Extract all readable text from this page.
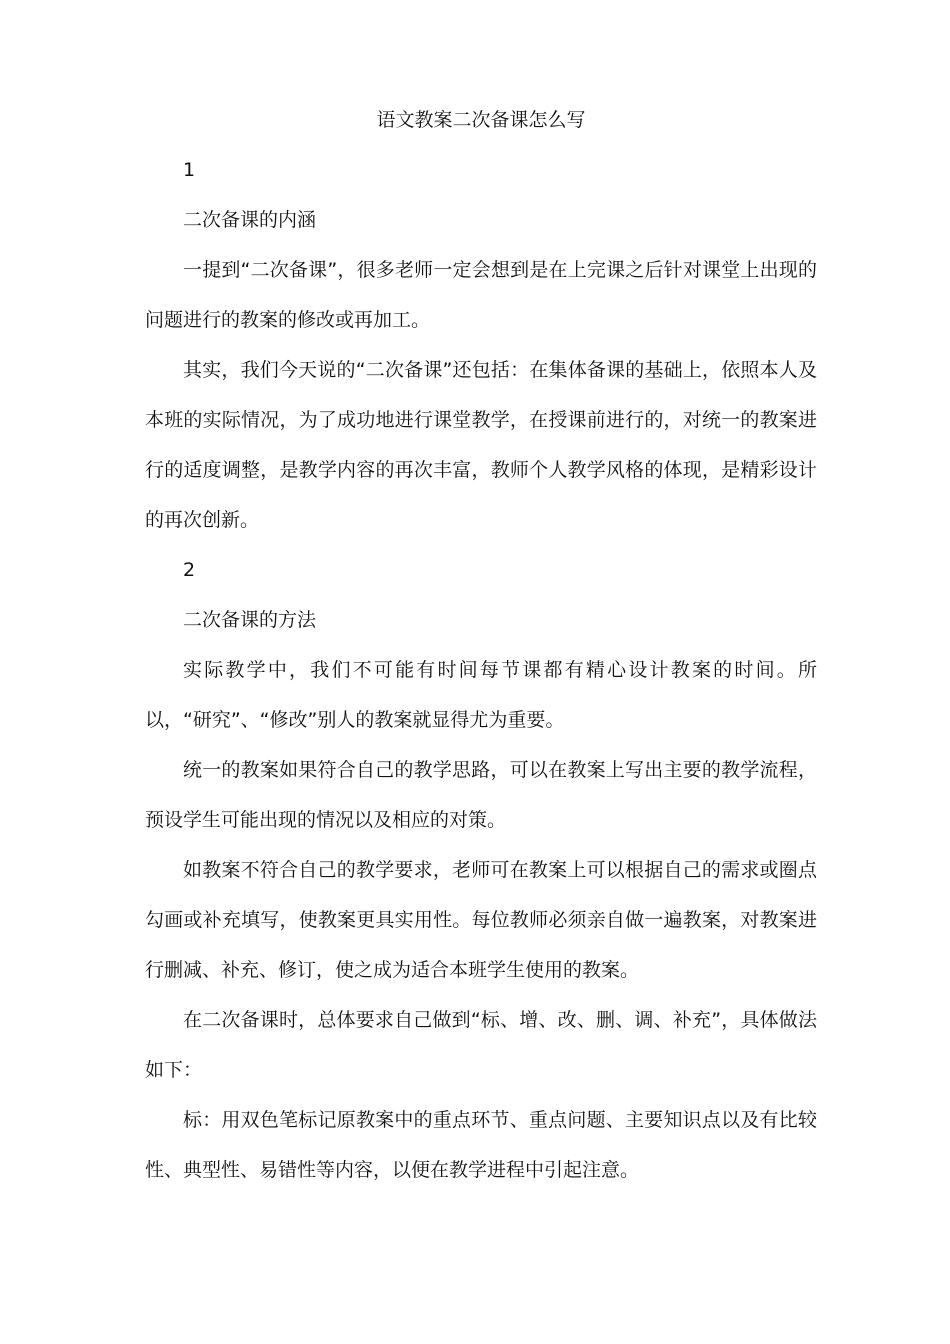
语文教案二次备课怎么写

1

二次备课的内涵

一提到“二次备课”，很多老师一定会想到是在上完课之后针对课堂上出现的问题进行的教案的修改或再加工。

其实，我们今天说的“二次备课”还包括：在集体备课的基础上，依照本人及本班的实际情况，为了成功地进行课堂教学，在授课前进行的，对统一的教案进行的适度调整，是教学内容的再次丰富，教师个人教学风格的体现，是精彩设计的再次创新。

2

二次备课的方法

实际教学中，我们不可能有时间每节课都有精心设计教案的时间。所以，“研究”、“修改”别人的教案就显得尤为重要。

统一的教案如果符合自己的教学思路，可以在教案上写出主要的教学流程，预设学生可能出现的情况以及相应的对策。

如教案不符合自己的教学要求，老师可在教案上可以根据自己的需求或圈点勾画或补充填写，使教案更具实用性。每位教师必须亲自做一遍教案，对教案进行删减、补充、修订，使之成为适合本班学生使用的教案。

在二次备课时，总体要求自己做到“标、增、改、删、调、补充”，具体做法如下：

标：用双色笔标记原教案中的重点环节、重点问题、主要知识点以及有比较性、典型性、易错性等内容，以便在教学进程中引起注意。
